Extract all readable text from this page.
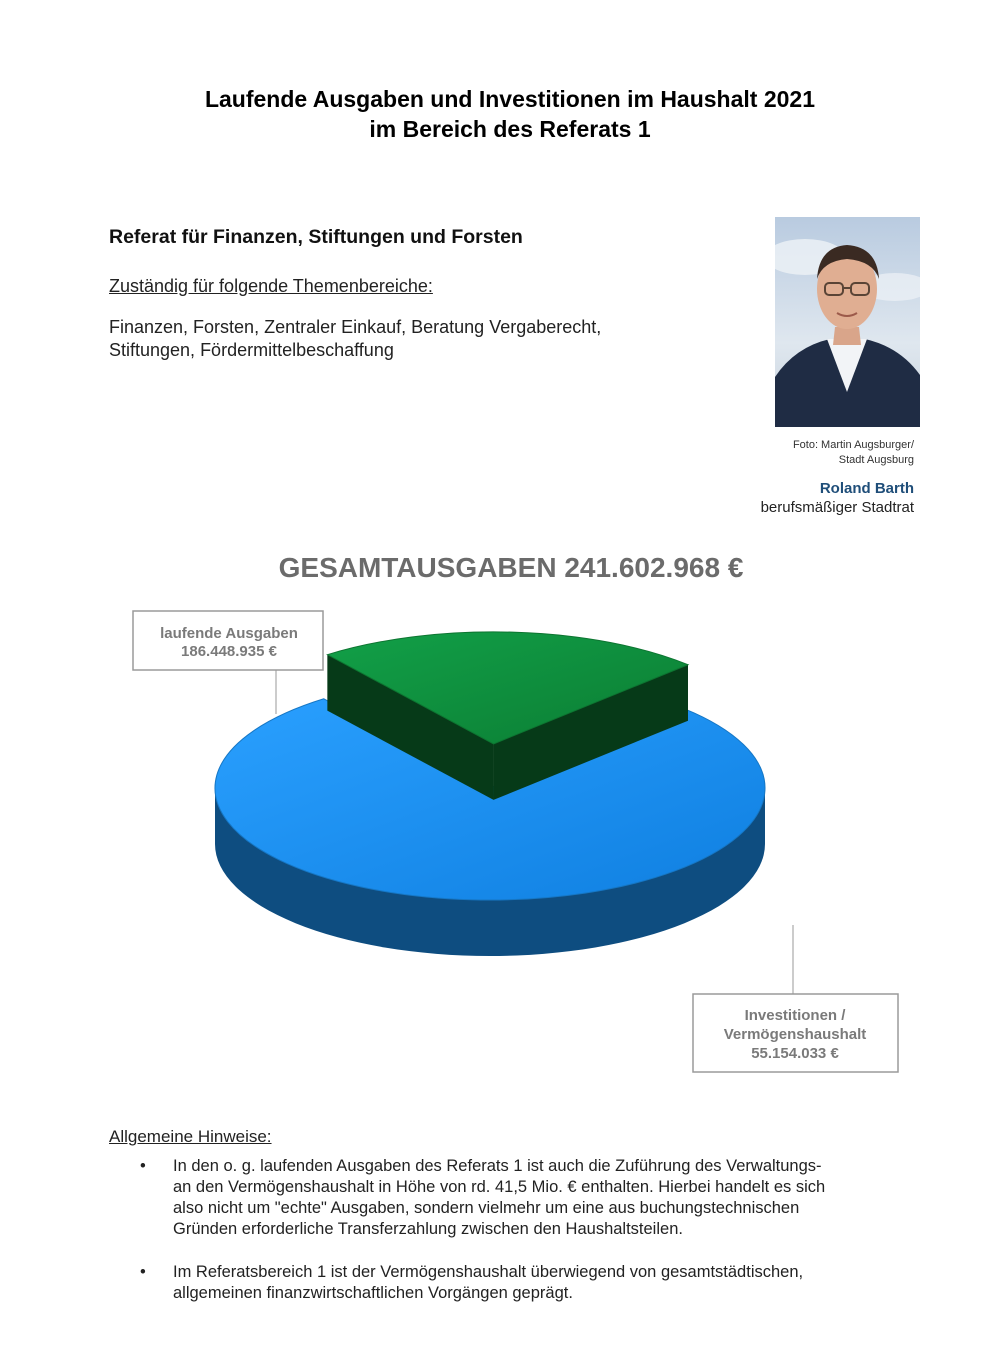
Laufende Ausgaben und Investitionen im Haushalt 2021
im Bereich des Referats 1
Referat für Finanzen, Stiftungen und Forsten
Zuständig für folgende Themenbereiche:
Finanzen, Forsten, Zentraler Einkauf, Beratung Vergaberecht,
Stiftungen, Fördermittelbeschaffung
Foto: Martin Augsburger/
Stadt Augsburg
Roland Barth
berufsmäßiger Stadtrat
GESAMTAUSGABEN 241.602.968 €
laufende Ausgaben
186.448.935 €
Investitionen /
Vermögenshaushalt
55.154.033 €
Allgemeine Hinweise:
• In den o. g. laufenden Ausgaben des Referats 1 ist auch die Zuführung des Verwaltungs-
an den Vermögenshaushalt in Höhe von rd. 41,5 Mio. € enthalten. Hierbei handelt es sich
also nicht um "echte" Ausgaben, sondern vielmehr um eine aus buchungstechnischen
Gründen erforderliche Transferzahlung zwischen den Haushaltsteilen.
• Im Referatsbereich 1 ist der Vermögenshaushalt überwiegend von gesamtstädtischen,
allgemeinen finanzwirtschaftlichen Vorgängen geprägt.
